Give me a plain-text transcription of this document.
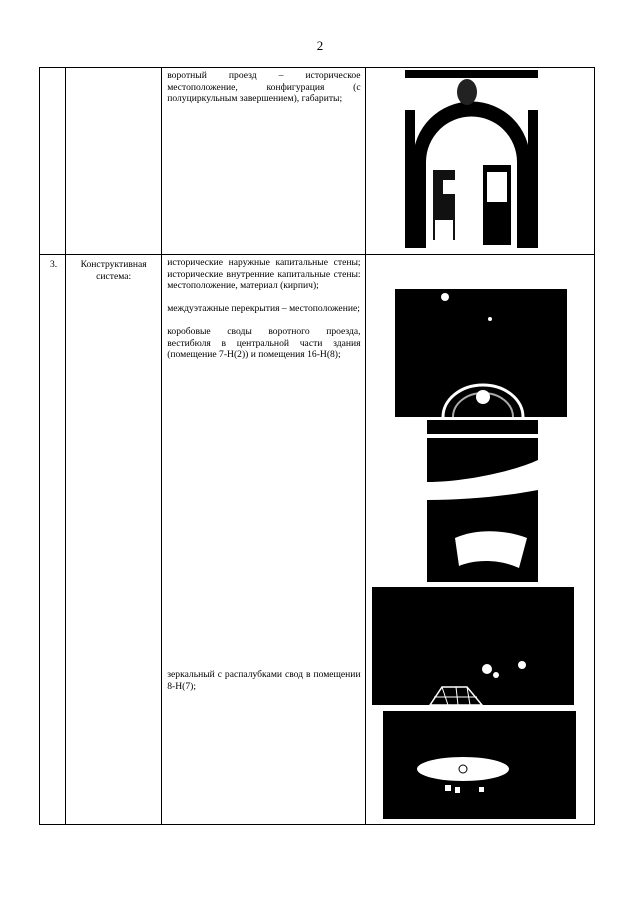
2

		воротный проезд – историческое местоположение, конфигурация (с полуциркульным завершением), габариты;

3.	Конструктивная система:	исторические наружные капитальные стены; исторические внутренние капитальные стены: местоположение, материал (кирпич);

междуэтажные перекрытия – местоположение;

коробовые своды воротного проезда, вестибюля в центральной части здания (помещение 7-Н(2)) и помещения 16-Н(8);

зеркальный с распалубками свод в помещении 8-Н(7);
